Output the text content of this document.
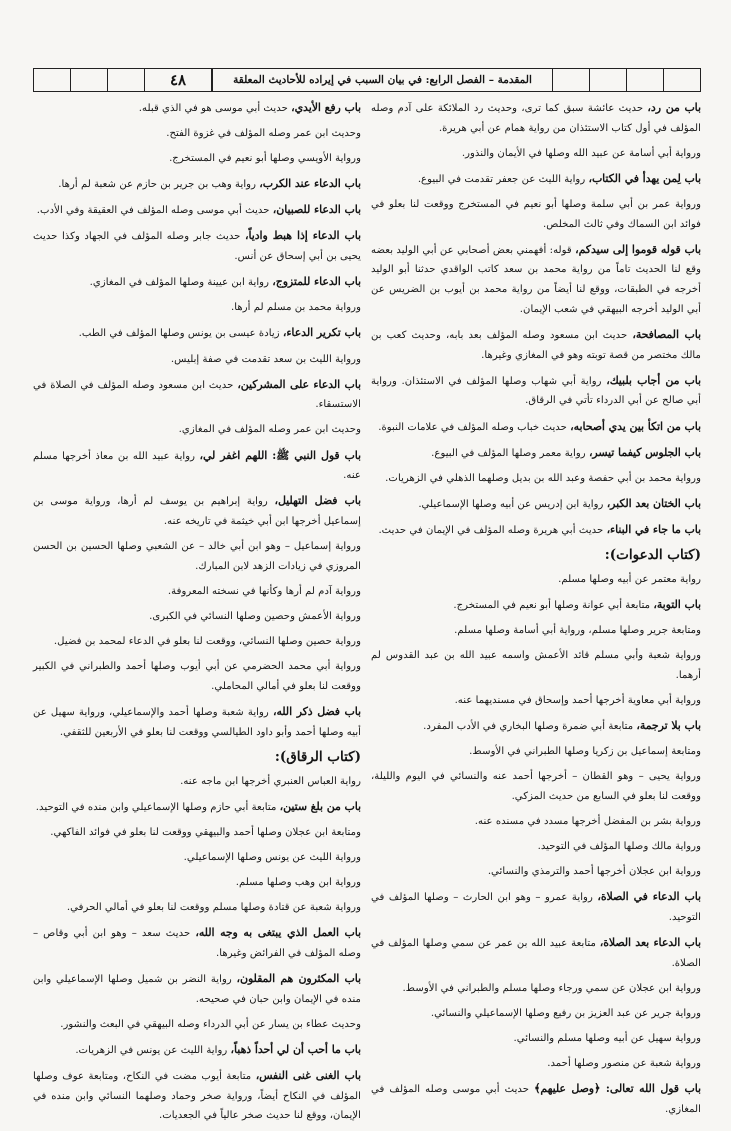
المقدمة – الفصل الرابع: في بيان السبب في إيراده للأحاديث المعلقة
٤٨

باب من رد، حديث عائشة سبق كما ترى، وحديث رد الملائكة على آدم وصله المؤلف في أول كتاب الاستئذان من رواية همام عن أبي هريرة.

ورواية أبي أسامة عن عبيد الله وصلها في الأيمان والنذور.

باب لِمن يهدأ في الكتاب، رواية الليث عن جعفر تقدمت في البيوع.

ورواية عمر بن أبي سلمة وصلها أبو نعيم في المستخرج ووقعت لنا بعلو في فوائد ابن السماك وفي ثالث المخلص.

باب قوله قوموا إلى سيدكم، قوله: أفهمني بعض أصحابي عن أبي الوليد بعضه وقع لنا الحديث تاماً من رواية محمد بن سعد كاتب الواقدي حدثنا أبو الوليد أخرجه في الطبقات، ووقع لنا أيضاً من رواية محمد بن أيوب بن الضريس عن أبي الوليد أخرجه البيهقي في شعب الإيمان.

باب المصافحة، حديث ابن مسعود وصله المؤلف بعد بابه، وحديث كعب بن مالك مختصر من قصة توبته وهو في المغازي وغيرها.

باب من أجاب بلبيك، رواية أبي شهاب وصلها المؤلف في الاستئذان. ورواية أبي صالح عن أبي الدرداء تأتي في الرقاق.

باب من اتكأ بين يدي أصحابه، حديث خباب وصله المؤلف في علامات النبوة.

باب الجلوس كيفما تيسر، رواية معمر وصلها المؤلف في البيوع.

ورواية محمد بن أبي حفصة وعبد الله بن بديل وصلهما الذهلي في الزهريات.

باب الختان بعد الكبر، رواية ابن إدريس عن أبيه وصلها الإسماعيلي.

باب ما جاء في البناء، حديث أبي هريرة وصله المؤلف في الإيمان في حديث.

(كتاب الدعوات):

رواية معتمر عن أبيه وصلها مسلم.

باب التوبة، متابعة أبي عوانة وصلها أبو نعيم في المستخرج.

ومتابعة جرير وصلها مسلم، ورواية أبي أسامة وصلها مسلم.

ورواية شعبة وأبي مسلم قائد الأعمش واسمه عبيد الله بن عبد القدوس لم أرهما.

ورواية أبي معاوية أخرجها أحمد وإسحاق في مسنديهما عنه.

باب بلا ترجمة، متابعة أبي ضمرة وصلها البخاري في الأدب المفرد.

ومتابعة إسماعيل بن زكريا وصلها الطبراني في الأوسط.

ورواية يحيى – وهو القطان – أخرجها أحمد عنه والنسائي في اليوم والليلة، ووقعت لنا بعلو في السابع من حديث المزكي.

ورواية بشر بن المفضل أخرجها مسدد في مسنده عنه.

ورواية مالك وصلها المؤلف في التوحيد.

ورواية ابن عجلان أخرجها أحمد والترمذي والنسائي.

باب الدعاء في الصلاة، رواية عمرو – وهو ابن الحارث – وصلها المؤلف في التوحيد.

باب الدعاء بعد الصلاة، متابعة عبيد الله بن عمر عن سمي وصلها المؤلف في الصلاة.

ورواية ابن عجلان عن سمي ورجاء وصلها مسلم والطبراني في الأوسط.

ورواية جرير عن عبد العزيز بن رفيع وصلها الإسماعيلي والنسائي.

ورواية سهيل عن أبيه وصلها مسلم والنسائي.

ورواية شعبة عن منصور وصلها أحمد.

باب قول الله تعالى: ﴿وصل عليهم﴾ حديث أبي موسى وصله المؤلف في المغازي.

باب رفع الأيدي، حديث أبي موسى هو في الذي قبله.

وحديث ابن عمر وصله المؤلف في غزوة الفتح.

ورواية الأويسي وصلها أبو نعيم في المستخرج.

باب الدعاء عند الكرب، رواية وهب بن جرير بن حازم عن شعبة لم أرها.

باب الدعاء للصبيان، حديث أبي موسى وصله المؤلف في العقيقة وفي الأدب.

باب الدعاء إذا هبط وادياً، حديث جابر وصله المؤلف في الجهاد وكذا حديث يحيى بن أبي إسحاق عن أنس.

باب الدعاء للمتزوج، رواية ابن عيينة وصلها المؤلف في المغازي.

ورواية محمد بن مسلم لم أرها.

باب تكرير الدعاء، زيادة عيسى بن يونس وصلها المؤلف في الطب.

ورواية الليث بن سعد تقدمت في صفة إبليس.

باب الدعاء على المشركين، حديث ابن مسعود وصله المؤلف في الصلاة في الاستسقاء.

وحديث ابن عمر وصله المؤلف في المغازي.

باب قول النبي ﷺ: اللهم اغفر لي، رواية عبيد الله بن معاذ أخرجها مسلم عنه.

باب فضل التهليل، رواية إبراهيم بن يوسف لم أرها، ورواية موسى بن إسماعيل أخرجها ابن أبي خيثمة في تاريخه عنه.

ورواية إسماعيل – وهو ابن أبي خالد – عن الشعبي وصلها الحسين بن الحسن المروزي في زيادات الزهد لابن المبارك.

ورواية آدم لم أرها وكأنها في نسخته المعروفة.

ورواية الأعمش وحصين وصلها النسائي في الكبرى.

ورواية حصين وصلها النسائي، ووقعت لنا بعلو في الدعاء لمحمد بن فضيل.

ورواية أبي محمد الحضرمي عن أبي أيوب وصلها أحمد والطبراني في الكبير ووقعت لنا بعلو في أمالي المحاملي.

باب فضل ذكر الله، رواية شعبة وصلها أحمد والإسماعيلي، ورواية سهيل عن أبيه وصلها أحمد وأبو داود الطيالسي ووقعت لنا بعلو في الأربعين للثقفي.

(كتاب الرقاق):

رواية العباس العنبري أخرجها ابن ماجه عنه.

باب من بلغ ستين، متابعة أبي حازم وصلها الإسماعيلي وابن منده في التوحيد.

ومتابعة ابن عجلان وصلها أحمد والبيهقي ووقعت لنا بعلو في فوائد الفاكهي.

ورواية الليث عن يونس وصلها الإسماعيلي.

ورواية ابن وهب وصلها مسلم.

ورواية شعبة عن قتادة وصلها مسلم ووقعت لنا بعلو في أمالي الحرفي.

باب العمل الذي يبتغى به وجه الله، حديث سعد – وهو ابن أبي وقاص – وصله المؤلف في الفرائض وغيرها.

باب المكثرون هم المقلون، رواية النضر بن شميل وصلها الإسماعيلي وابن منده في الإيمان وابن حبان في صحيحه.

وحديث عطاء بن يسار عن أبي الدرداء وصله البيهقي في البعث والنشور.

باب ما أحب أن لي أحداً ذهباً، رواية الليث عن يونس في الزهريات.

باب الغنى غنى النفس، متابعة أيوب مضت في النكاح، ومتابعة عوف وصلها المؤلف في النكاح أيضاً، ورواية صخر وحماد وصلهما النسائي وابن منده في الإيمان، ووقع لنا حديث صخر عالياً في الجعديات.
